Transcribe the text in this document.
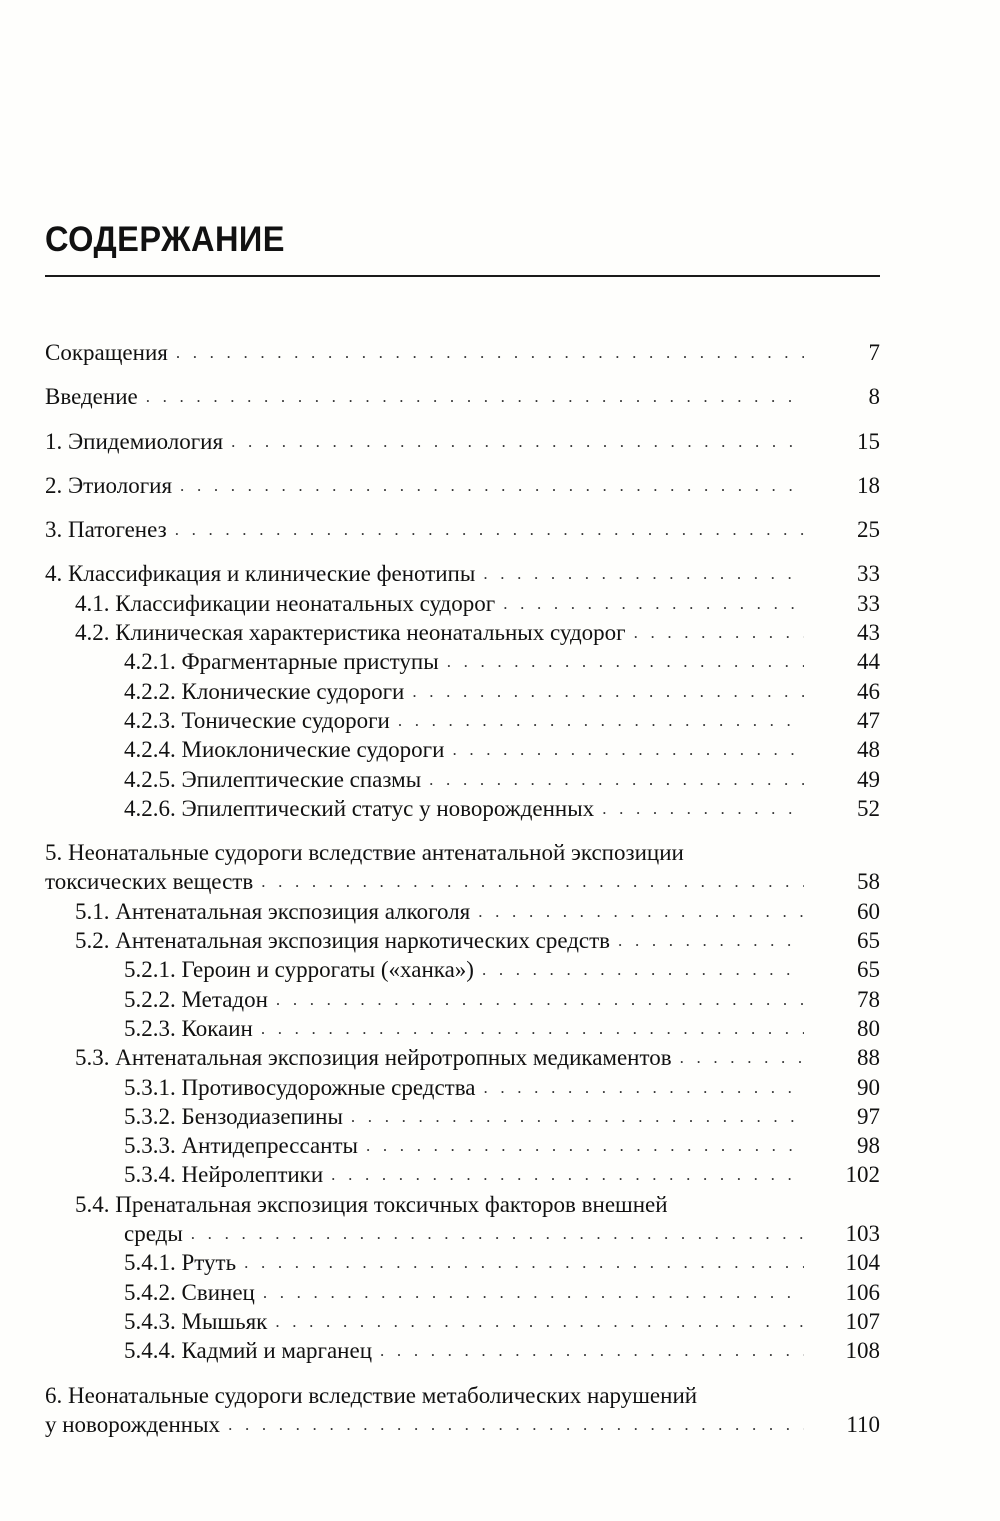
СОДЕРЖАНИЕ
Сокращения . . .	7
Введение . . .	8
1. Эпидемиология . . .	15
2. Этиология . . .	18
3. Патогенез . . .	25
4. Классификация и клинические фенотипы . . .	33
4.1. Классификации неонатальных судорог . . .	33
4.2. Клиническая характеристика неонатальных судорог . . .	43
4.2.1. Фрагментарные приступы . . .	44
4.2.2. Клонические судороги . . .	46
4.2.3. Тонические судороги . . .	47
4.2.4. Миоклонические судороги . . .	48
4.2.5. Эпилептические спазмы . . .	49
4.2.6. Эпилептический статус у новорожденных . . .	52
5. Неонатальные судороги вследствие антенатальной экспозиции
токсических веществ . . .	58
5.1. Антенатальная экспозиция алкоголя . . .	60
5.2. Антенатальная экспозиция наркотических средств . . .	65
5.2.1. Героин и суррогаты («ханка») . . .	65
5.2.2. Метадон . . .	78
5.2.3. Кокаин . . .	80
5.3. Антенатальная экспозиция нейротропных медикаментов . . .	88
5.3.1. Противосудорожные средства . . .	90
5.3.2. Бензодиазепины . . .	97
5.3.3. Антидепрессанты . . .	98
5.3.4. Нейролептики . . .	102
5.4. Пренатальная экспозиция токсичных факторов внешней
среды . . .	103
5.4.1. Ртуть . . .	104
5.4.2. Свинец . . .	106
5.4.3. Мышьяк . . .	107
5.4.4. Кадмий и марганец . . .	108
6. Неонатальные судороги вследствие метаболических нарушений
у новорожденных . . .	110
